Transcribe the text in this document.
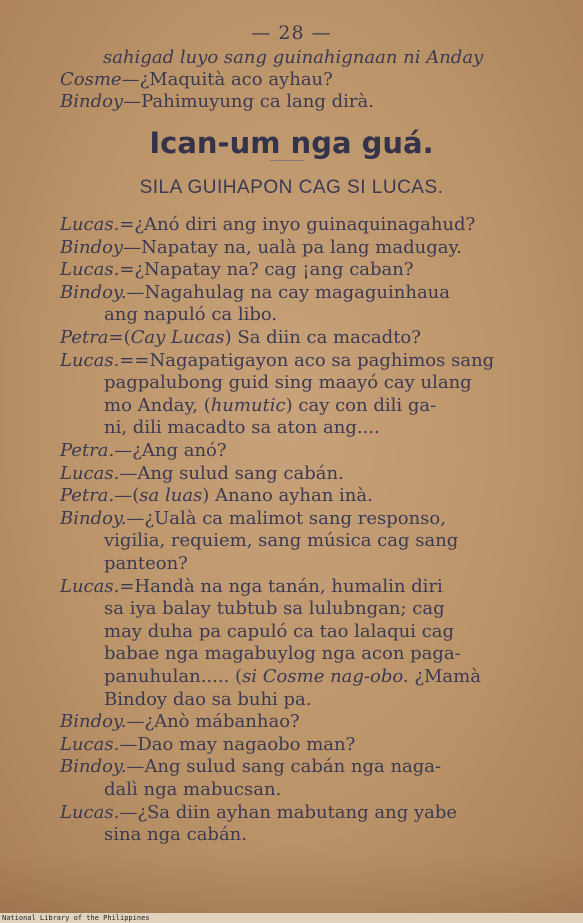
— 28 —
sahigad luyo sang guinahignaan ni Anday
Cosme—¿Maquità aco ayhau?
Bindoy—Pahimuyung ca lang dirà.
Ican-um nga guá.
SILA GUIHAPON CAG SI LUCAS.
Lucas.=¿Anó diri ang inyo guinaquinagahud?
Bindoy—Napatay na, ualà pa lang madugay.
Lucas.=¿Napatay na? cag ¡ang caban?
Bindoy.—Nagahulag na cay magaguinhaua
ang napuló ca libo.
Petra=(Cay Lucas) Sa diin ca macadto?
Lucas.==Nagapatigayon aco sa paghimos sang
pagpalubong guid sing maayó cay ulang
mo Anday, (humutic) cay con dili ga-
ni, dili macadto sa aton ang....
Petra.—¿Ang anó?
Lucas.—Ang sulud sang cabán.
Petra.—(sa luas) Anano ayhan inà.
Bindoy.—¿Ualà ca malimot sang responso,
vigilia, requiem, sang música cag sang
panteon?
Lucas.=Handà na nga tanán, humalin diri
sa iya balay tubtub sa lulubngan; cag
may duha pa capuló ca tao lalaqui cag
babae nga magabuylog nga acon paga-
panuhulan..... (si Cosme nag-obo. ¿Mamà
Bindoy dao sa buhi pa.
Bindoy.—¿Anò mábanhao?
Lucas.—Dao may nagaobo man?
Bindoy.—Ang sulud sang cabán nga naga-
dalì nga mabucsan.
Lucas.—¿Sa diin ayhan mabutang ang yabe
sina nga cabán.
National Library of the Philippines
